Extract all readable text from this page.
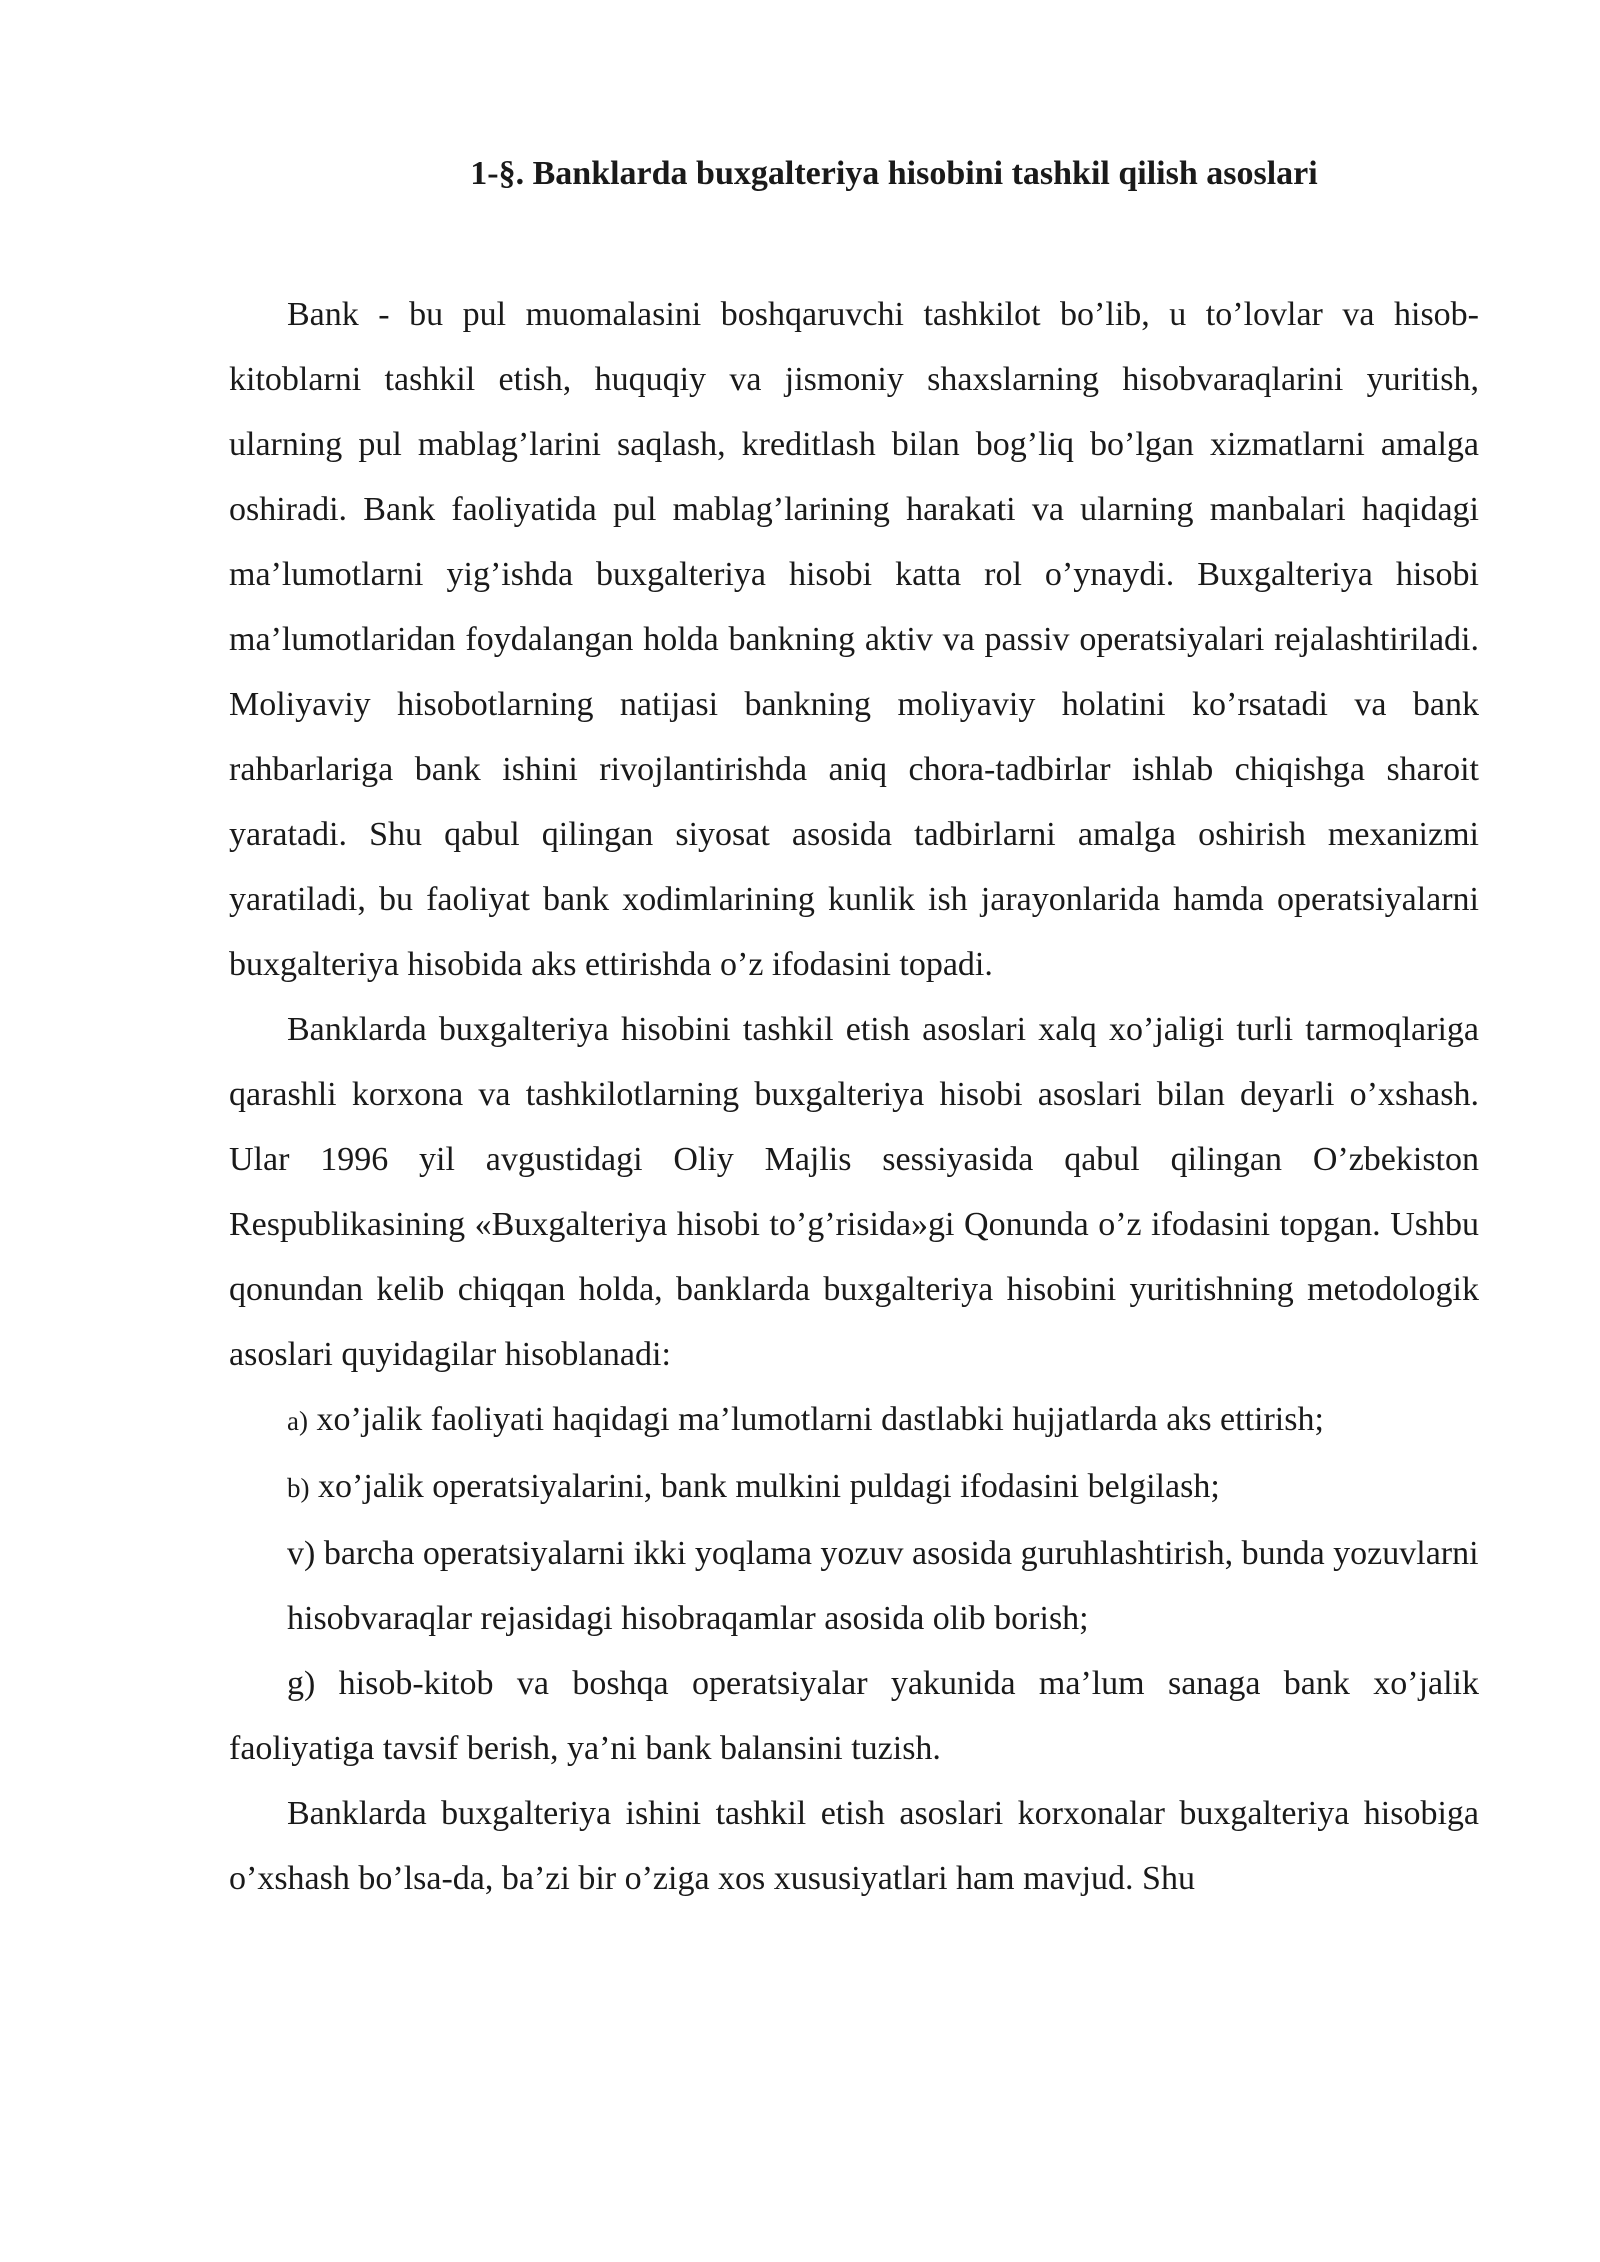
1-§. Banklarda buxgalteriya hisobini tashkil qilish asoslari

Bank - bu pul muomalasini boshqaruvchi tashkilot bo’lib, u to’lovlar va hisob-kitoblarni tashkil etish, huquqiy va jismoniy shaxslarning hisobvaraqlarini yuritish, ularning pul mablag’larini saqlash, kreditlash bilan bog’liq bo’lgan xizmatlarni amalga oshiradi. Bank faoliyatida pul mablag’larining harakati va ularning manbalari haqidagi ma’lumotlarni yig’ishda buxgalteriya hisobi katta rol o’ynaydi. Buxgalteriya hisobi ma’lumotlaridan foydalangan holda bankning aktiv va passiv operatsiyalari rejalashtiriladi. Moliyaviy hisobotlarning natijasi bankning moliyaviy holatini ko’rsatadi va bank rahbarlariga bank ishini rivojlantirishda aniq chora-tadbirlar ishlab chiqishga sharoit yaratadi. Shu qabul qilingan siyosat asosida tadbirlarni amalga oshirish mexanizmi yaratiladi, bu faoliyat bank xodimlarining kunlik ish jarayonlarida hamda operatsiyalarni buxgalteriya hisobida aks ettirishda o’z ifodasini topadi.

Banklarda buxgalteriya hisobini tashkil etish asoslari xalq xo’jaligi turli tarmoqlariga qarashli korxona va tashkilotlarning buxgalteriya hisobi asoslari bilan deyarli o’xshash. Ular 1996 yil avgustidagi Oliy Majlis sessiyasida qabul qilingan O’zbekiston Respublikasining «Buxgalteriya hisobi to’g’risida»gi Qonunda o’z ifodasini topgan. Ushbu qonundan kelib chiqqan holda, banklarda buxgalteriya hisobini yuritishning metodologik asoslari quyidagilar hisoblanadi:

a) xo’jalik faoliyati haqidagi ma’lumotlarni dastlabki hujjatlarda aks ettirish;

b) xo’jalik operatsiyalarini, bank mulkini puldagi ifodasini belgilash;

v) barcha operatsiyalarni ikki yoqlama yozuv asosida guruhlashtirish, bunda yozuvlarni

hisobvaraqlar rejasidagi hisobraqamlar asosida olib borish;

g) hisob-kitob va boshqa operatsiyalar yakunida ma’lum sanaga bank xo’jalik faoliyatiga tavsif berish, ya’ni bank balansini tuzish.

Banklarda buxgalteriya ishini tashkil etish asoslari korxonalar buxgalteriya hisobiga o’xshash bo’lsa-da, ba’zi bir o’ziga xos xususiyatlari ham mavjud. Shu
